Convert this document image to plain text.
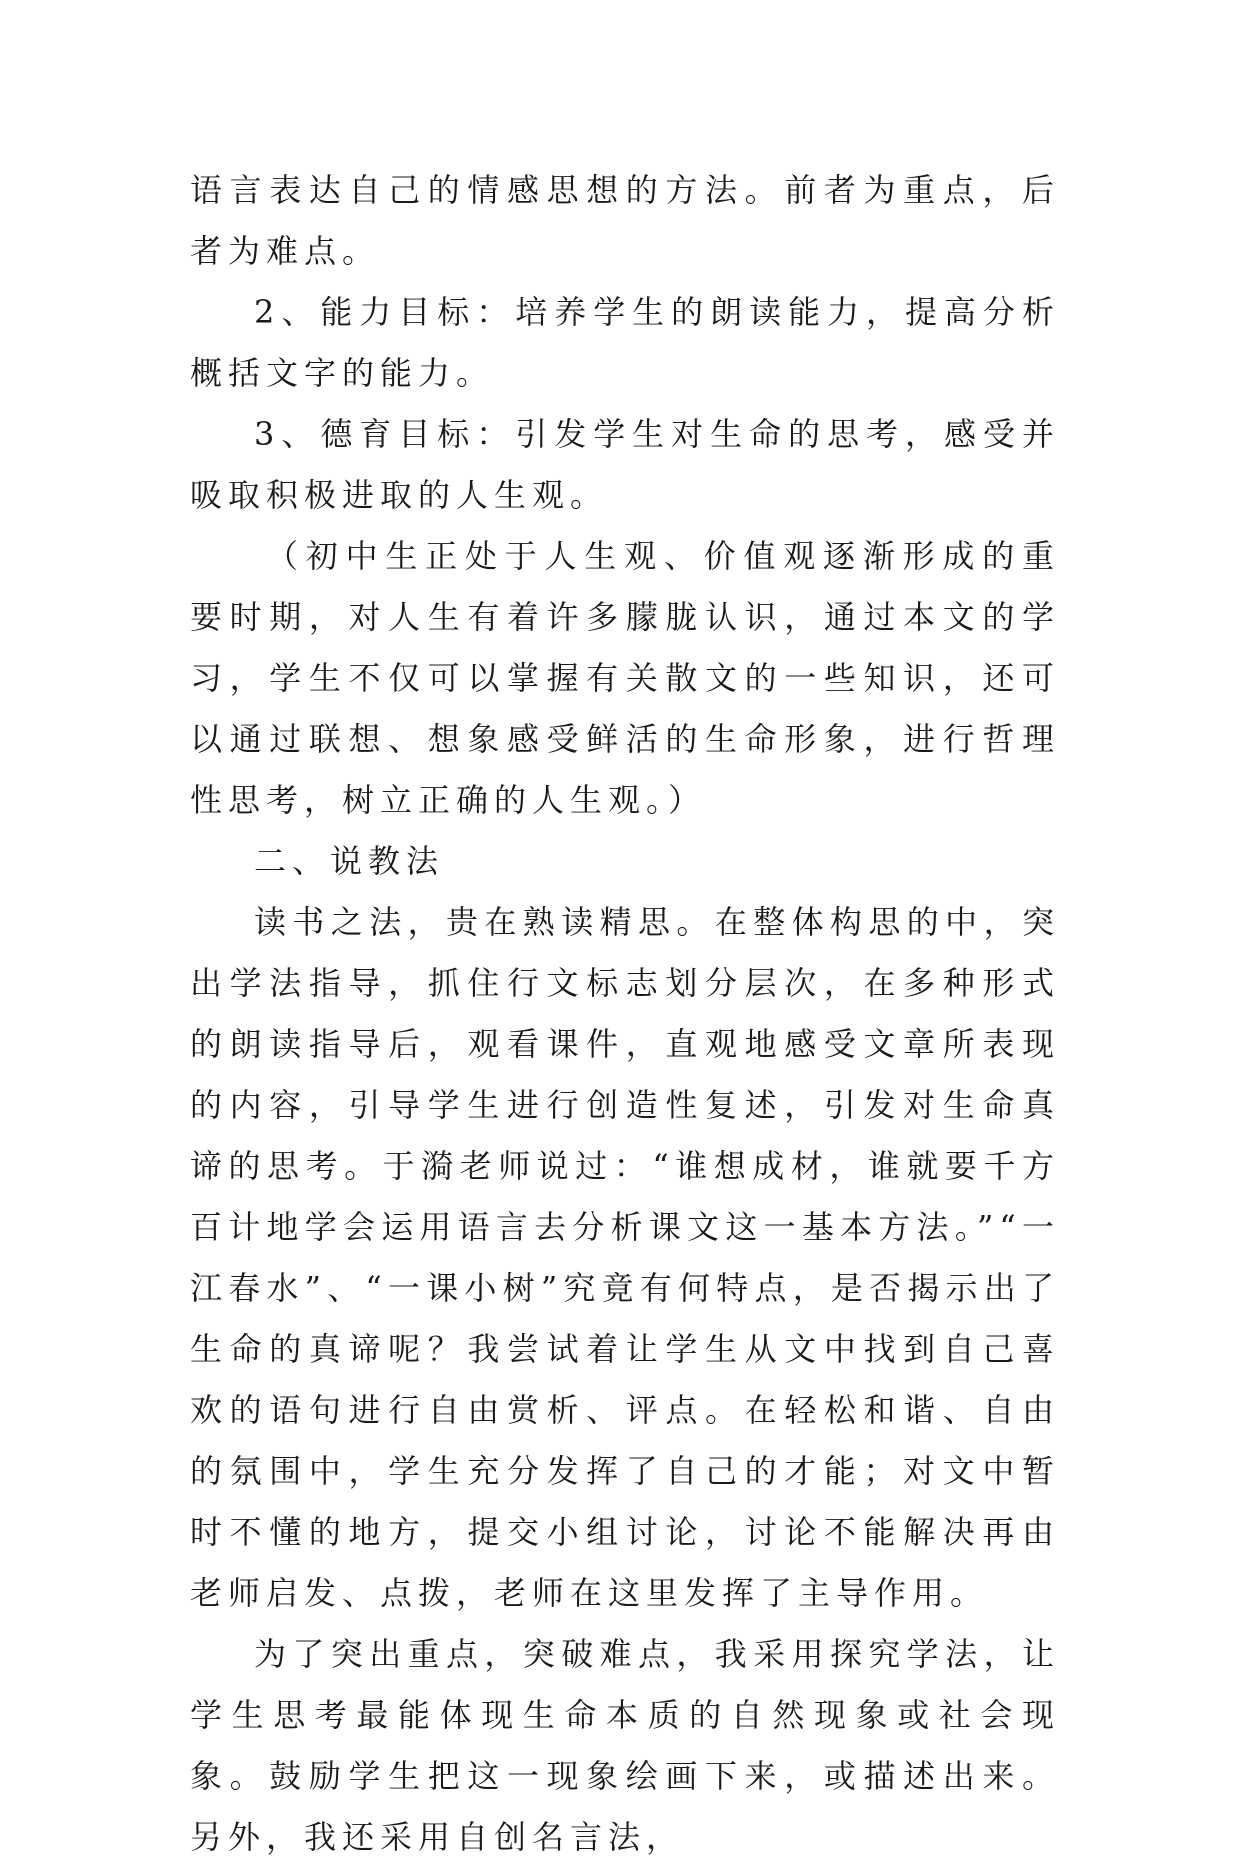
语言表达自己的情感思想的方法。前者为重点，后者为难点。

2、能力目标：培养学生的朗读能力，提高分析概括文字的能力。

3、德育目标：引发学生对生命的思考，感受并吸取积极进取的人生观。

（初中生正处于人生观、价值观逐渐形成的重要时期，对人生有着许多朦胧认识，通过本文的学习，学生不仅可以掌握有关散文的一些知识，还可以通过联想、想象感受鲜活的生命形象，进行哲理性思考，树立正确的人生观。）

二、说教法

读书之法，贵在熟读精思。在整体构思的中，突出学法指导，抓住行文标志划分层次，在多种形式的朗读指导后，观看课件，直观地感受文章所表现的内容，引导学生进行创造性复述，引发对生命真谛的思考。于漪老师说过：“谁想成材，谁就要千方百计地学会运用语言去分析课文这一基本方法。”“一江春水”、“一课小树”究竟有何特点，是否揭示出了生命的真谛呢？我尝试着让学生从文中找到自己喜欢的语句进行自由赏析、评点。在轻松和谐、自由的氛围中，学生充分发挥了自己的才能；对文中暂时不懂的地方，提交小组讨论，讨论不能解决再由老师启发、点拨，老师在这里发挥了主导作用。

为了突出重点，突破难点，我采用探究学法，让学生思考最能体现生命本质的自然现象或社会现象。鼓励学生把这一现象绘画下来，或描述出来。另外，我还采用自创名言法，
